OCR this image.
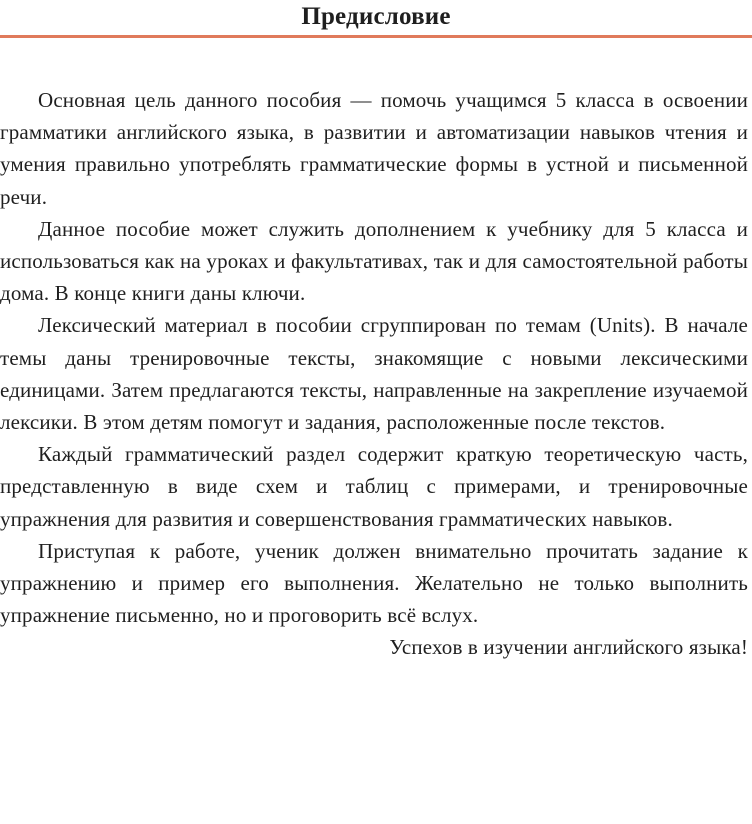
Предисловие

Основная цель данного пособия — помочь учащимся 5 класса в освоении грамматики английского языка, в развитии и автоматизации навыков чтения и умения правильно употреблять грамматические формы в устной и письменной речи.

Данное пособие может служить дополнением к учебнику для 5 класса и использоваться как на уроках и факультативах, так и для самостоятельной работы дома. В конце книги даны ключи.

Лексический материал в пособии сгруппирован по темам (Units). В начале темы даны тренировочные тексты, знакомящие с новыми лексическими единицами. Затем предлагаются тексты, направленные на закрепление изучаемой лексики. В этом детям помогут и задания, расположенные после текстов.

Каждый грамматический раздел содержит краткую теоретическую часть, представленную в виде схем и таблиц с примерами, и тренировочные упражнения для развития и совершенствования грамматических навыков.

Приступая к работе, ученик должен внимательно прочитать задание к упражнению и пример его выполнения. Желательно не только выполнить упражнение письменно, но и проговорить всё вслух.

Успехов в изучении английского языка!
